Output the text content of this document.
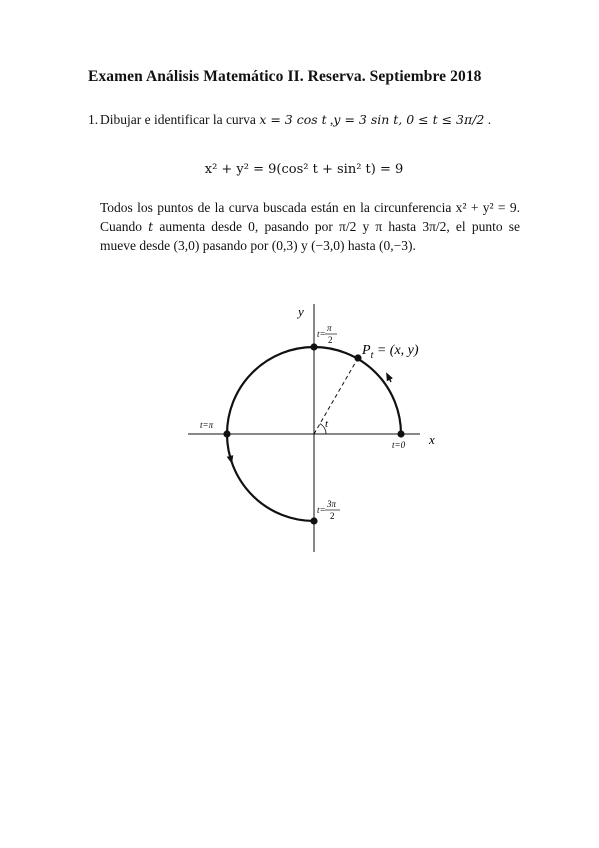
Examen Análisis Matemático II. Reserva. Septiembre 2018
1. Dibujar e identificar la curva x = 3 cos t ,y = 3 sin t, 0 ≤ t ≤ 3π/2 .
x² + y² = 9(cos² t + sin² t) = 9
Todos los puntos de la curva buscada están en la circunferencia x² + y² = 9. Cuando t aumenta desde 0, pasando por π/2 y π hasta 3π/2, el punto se mueve desde (3,0) pasando por (0,3) y (−3,0) hasta (0,−3).
y
x
t=0
t=π	t
t=
π
2
t=
3π
2
$P_t = (x$, y)
